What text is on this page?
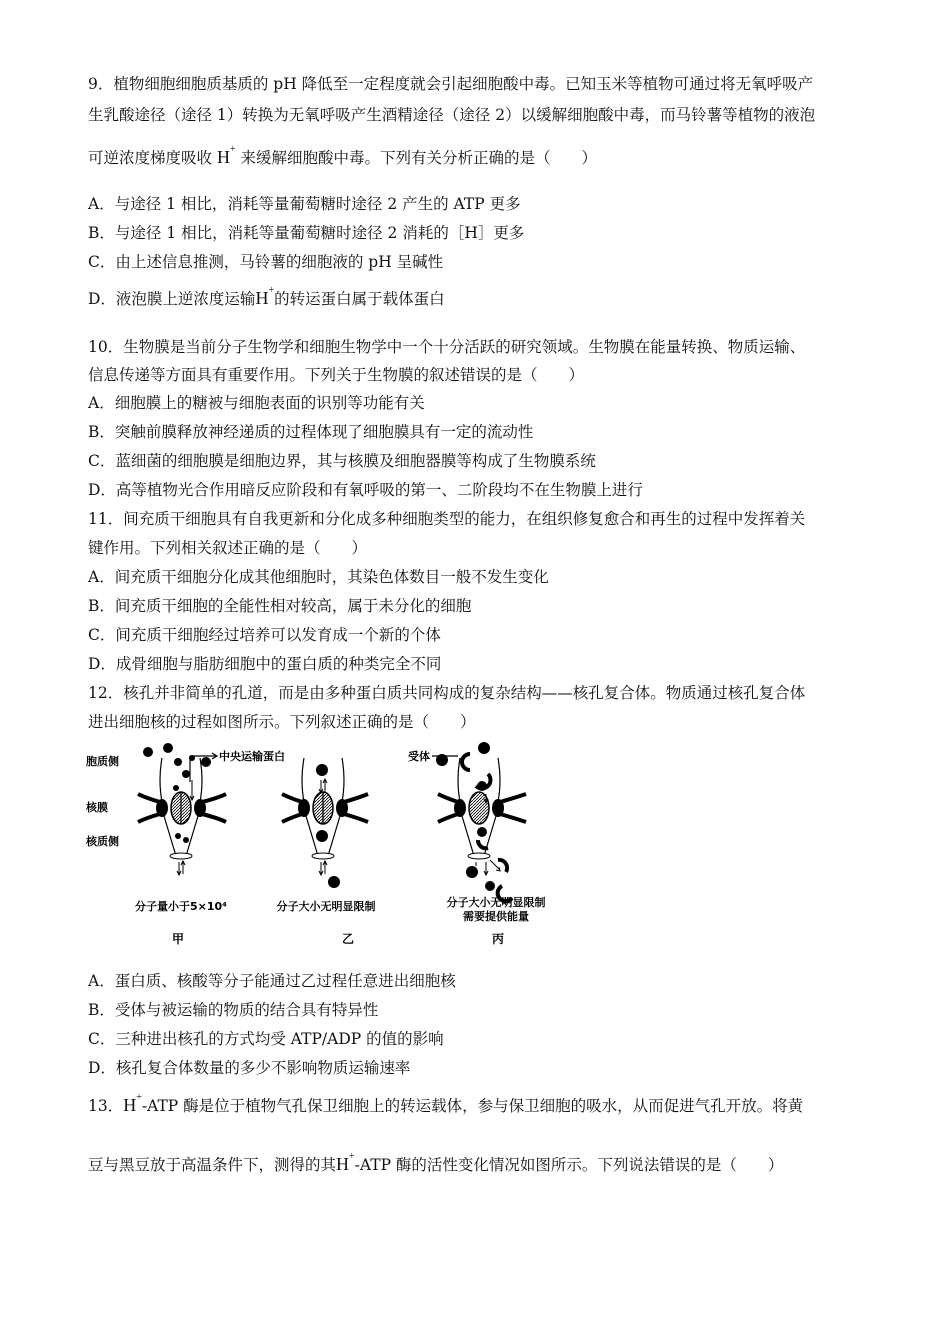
9．植物细胞细胞质基质的 pH 降低至一定程度就会引起细胞酸中毒。已知玉米等植物可通过将无氧呼吸产
生乳酸途径（途径 1）转换为无氧呼吸产生酒精途径（途径 2）以缓解细胞酸中毒，而马铃薯等植物的液泡
可逆浓度梯度吸收 H+ 来缓解细胞酸中毒。下列有关分析正确的是（　　）
A．与途径 1 相比，消耗等量葡萄糖时途径 2 产生的 ATP 更多
B．与途径 1 相比，消耗等量葡萄糖时途径 2 消耗的［H］更多
C．由上述信息推测，马铃薯的细胞液的 pH 呈碱性
D．液泡膜上逆浓度运输H+的转运蛋白属于载体蛋白
10．生物膜是当前分子生物学和细胞生物学中一个十分活跃的研究领域。生物膜在能量转换、物质运输、
信息传递等方面具有重要作用。下列关于生物膜的叙述错误的是（　　）
A．细胞膜上的糖被与细胞表面的识别等功能有关
B．突触前膜释放神经递质的过程体现了细胞膜具有一定的流动性
C．蓝细菌的细胞膜是细胞边界，其与核膜及细胞器膜等构成了生物膜系统
D．高等植物光合作用暗反应阶段和有氧呼吸的第一、二阶段均不在生物膜上进行
11．间充质干细胞具有自我更新和分化成多种细胞类型的能力，在组织修复愈合和再生的过程中发挥着关
键作用。下列相关叙述正确的是（　　）
A．间充质干细胞分化成其他细胞时，其染色体数目一般不发生变化
B．间充质干细胞的全能性相对较高，属于未分化的细胞
C．间充质干细胞经过培养可以发育成一个新的个体
D．成骨细胞与脂肪细胞中的蛋白质的种类完全不同
12．核孔并非简单的孔道，而是由多种蛋白质共同构成的复杂结构——核孔复合体。物质通过核孔复合体
进出细胞核的过程如图所示。下列叙述正确的是（　　）
胞质侧
核膜
核质侧
中央运输蛋白	受体
分子量小于5×10⁴	分子大小无明显限制	分子大小无明显限制
需要提供能量
甲	乙	丙
A．蛋白质、核酸等分子能通过乙过程任意进出细胞核
B．受体与被运输的物质的结合具有特异性
C．三种进出核孔的方式均受 ATP/ADP 的值的影响
D．核孔复合体数量的多少不影响物质运输速率
13．H+-ATP 酶是位于植物气孔保卫细胞上的转运载体，参与保卫细胞的吸水，从而促进气孔开放。将黄
豆与黑豆放于高温条件下，测得的其H+-ATP 酶的活性变化情况如图所示。下列说法错误的是（　　）
